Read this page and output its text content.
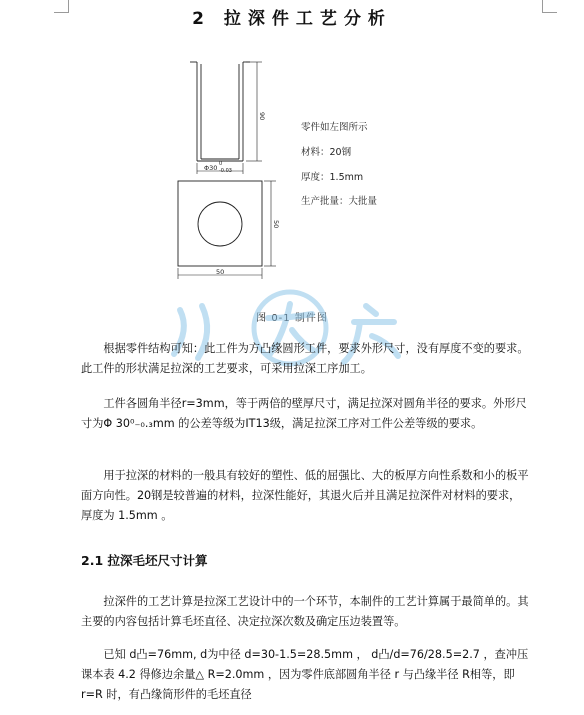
2 拉深件工艺分析
90
Φ30 0
-0.03
50
50
零件如左图所示
材料：20钢
厚度：1.5mm
生产批量：大批量
图 0-1 制件图

根据零件结构可知：此工件为方凸缘圆形工件，要求外形尺寸，没有厚度不变的要求。此工件的形状满足拉深的工艺要求，可采用拉深工序加工。

工件各圆角半径r=3mm，等于两倍的壁厚尺寸，满足拉深对圆角半径的要求。外形尺寸为Φ 30⁰₋₀.₃mm 的公差等级为IT13级，满足拉深工序对工件公差等级的要求。

用于拉深的材料的一般具有较好的塑性、低的屈强比、大的板厚方向性系数和小的板平面方向性。20钢是较普遍的材料，拉深性能好，其退火后并且满足拉深件对材料的要求，厚度为 1.5mm 。

2.1 拉深毛坯尺寸计算

拉深件的工艺计算是拉深工艺设计中的一个环节，本制件的工艺计算属于最简单的。其主要的内容包括计算毛坯直径、决定拉深次数及确定压边装置等。

已知 d凸=76mm, d为中径 d=30-1.5=28.5mm ， d凸/d=76/28.5=2.7 ，查冲压课本表 4.2 得修边余量△ R=2.0mm ，因为零件底部圆角半径 r 与凸缘半径 R相等，即 r=R 时，有凸缘筒形件的毛坯直径
